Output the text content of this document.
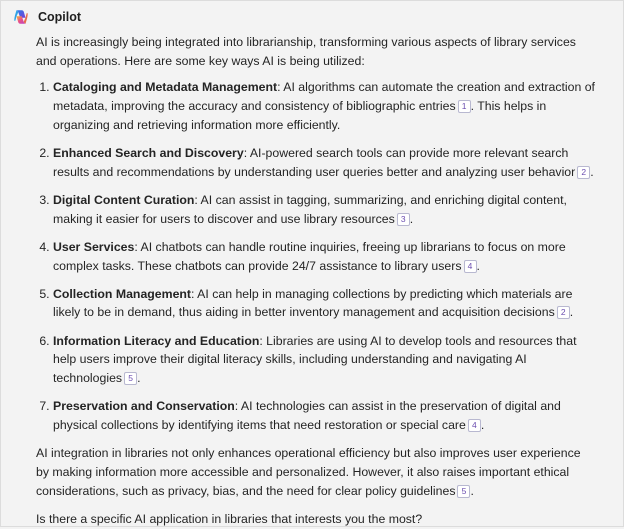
Copilot

AI is increasingly being integrated into librarianship, transforming various aspects of library services and operations. Here are some key ways AI is being utilized:

1. Cataloging and Metadata Management: AI algorithms can automate the creation and extraction of metadata, improving the accuracy and consistency of bibliographic entries 1 . This helps in organizing and retrieving information more efficiently.
2. Enhanced Search and Discovery: AI-powered search tools can provide more relevant search results and recommendations by understanding user queries better and analyzing user behavior 2 .
3. Digital Content Curation: AI can assist in tagging, summarizing, and enriching digital content, making it easier for users to discover and use library resources 3 .
4. User Services: AI chatbots can handle routine inquiries, freeing up librarians to focus on more complex tasks. These chatbots can provide 24/7 assistance to library users 4 .
5. Collection Management: AI can help in managing collections by predicting which materials are likely to be in demand, thus aiding in better inventory management and acquisition decisions 2 .
6. Information Literacy and Education: Libraries are using AI to develop tools and resources that help users improve their digital literacy skills, including understanding and navigating AI technologies 5 .
7. Preservation and Conservation: AI technologies can assist in the preservation of digital and physical collections by identifying items that need restoration or special care 4 .

AI integration in libraries not only enhances operational efficiency but also improves user experience by making information more accessible and personalized. However, it also raises important ethical considerations, such as privacy, bias, and the need for clear policy guidelines 5 .

Is there a specific AI application in libraries that interests you the most?
